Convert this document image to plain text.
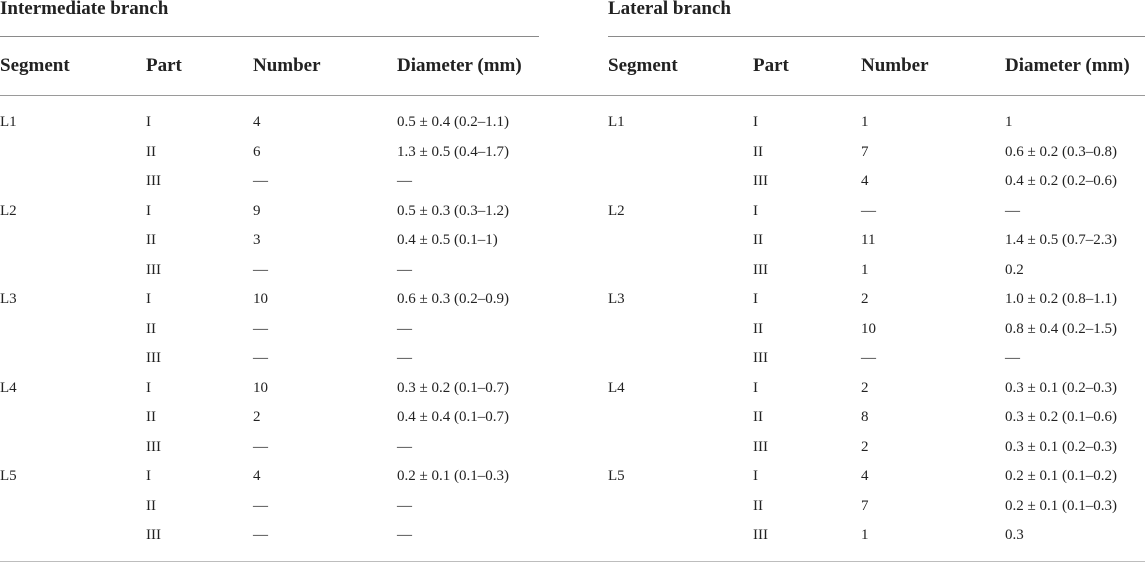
Intermediate branch	Lateral branch
Segment	Part	Number	Diameter (mm)
L1	I	4	0.5 ± 0.4 (0.2–1.1)
	II	6	1.3 ± 0.5 (0.4–1.7)
	III	—	—
L2	I	9	0.5 ± 0.3 (0.3–1.2)
	II	3	0.4 ± 0.5 (0.1–1)
	III	—	—
L3	I	10	0.6 ± 0.3 (0.2–0.9)
	II	—	—
	III	—	—
L4	I	10	0.3 ± 0.2 (0.1–0.7)
	II	2	0.4 ± 0.4 (0.1–0.7)
	III	—	—
L5	I	4	0.2 ± 0.1 (0.1–0.3)
	II	—	—
	III	—	—
Segment	Part	Number	Diameter (mm)
L1	I	1	1
	II	7	0.6 ± 0.2 (0.3–0.8)
	III	4	0.4 ± 0.2 (0.2–0.6)
L2	I	—	—
	II	11	1.4 ± 0.5 (0.7–2.3)
	III	1	0.2
L3	I	2	1.0 ± 0.2 (0.8–1.1)
	II	10	0.8 ± 0.4 (0.2–1.5)
	III	—	—
L4	I	2	0.3 ± 0.1 (0.2–0.3)
	II	8	0.3 ± 0.2 (0.1–0.6)
	III	2	0.3 ± 0.1 (0.2–0.3)
L5	I	4	0.2 ± 0.1 (0.1–0.2)
	II	7	0.2 ± 0.1 (0.1–0.3)
	III	1	0.3
